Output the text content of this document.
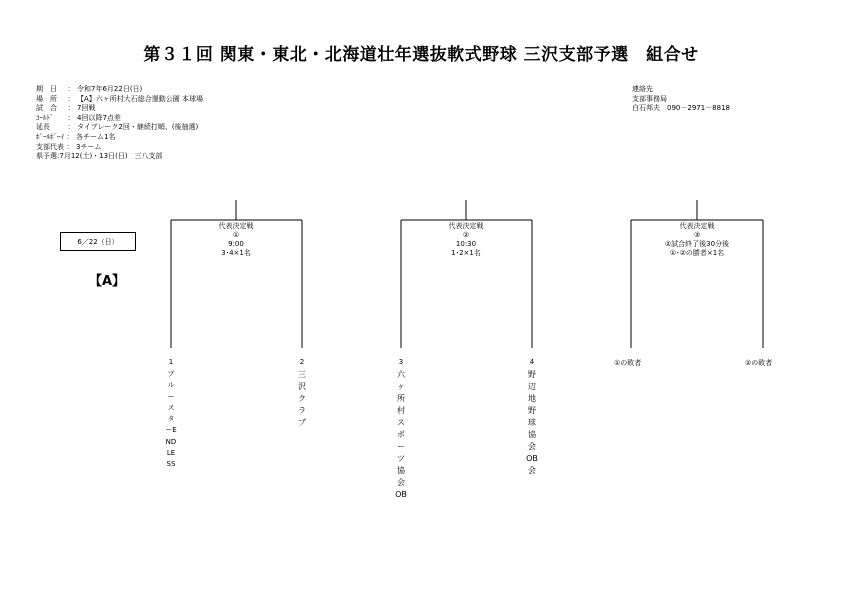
第３１回 関東・東北・北海道壮年選抜軟式野球 三沢支部予選　組合せ
期　日	： 令和7年6月22日(日)
場　所	： 【A】六ヶ所村大石総合運動公園 本球場
試　合	： 7回戦
ｺｰﾙﾄﾞ	： 4回以降7点差
延長	： タイブレーク2回・継続打順、(後抽選)
ﾎﾞｰﾙﾎﾞｰｲ ： 各チーム1名
支部代表 ： 3チーム
県予選 : 7月12(土)・13日(日)　三八支部
連絡先
支部事務局
白石邦夫　090－2971－8818
6／22（日）
【A】
代表決定戦
①
9:00
3･4×1名
代表決定戦
②
10:30
1･2×1名
代表決定戦
③
②試合終了後30分後
①･②の勝者×1名
1	2	3	4
ブルースターENDLESS
三沢クラブ
六ヶ所村スポーツ協会OB
野辺地野球協会OB会
①の敗者	②の敗者
